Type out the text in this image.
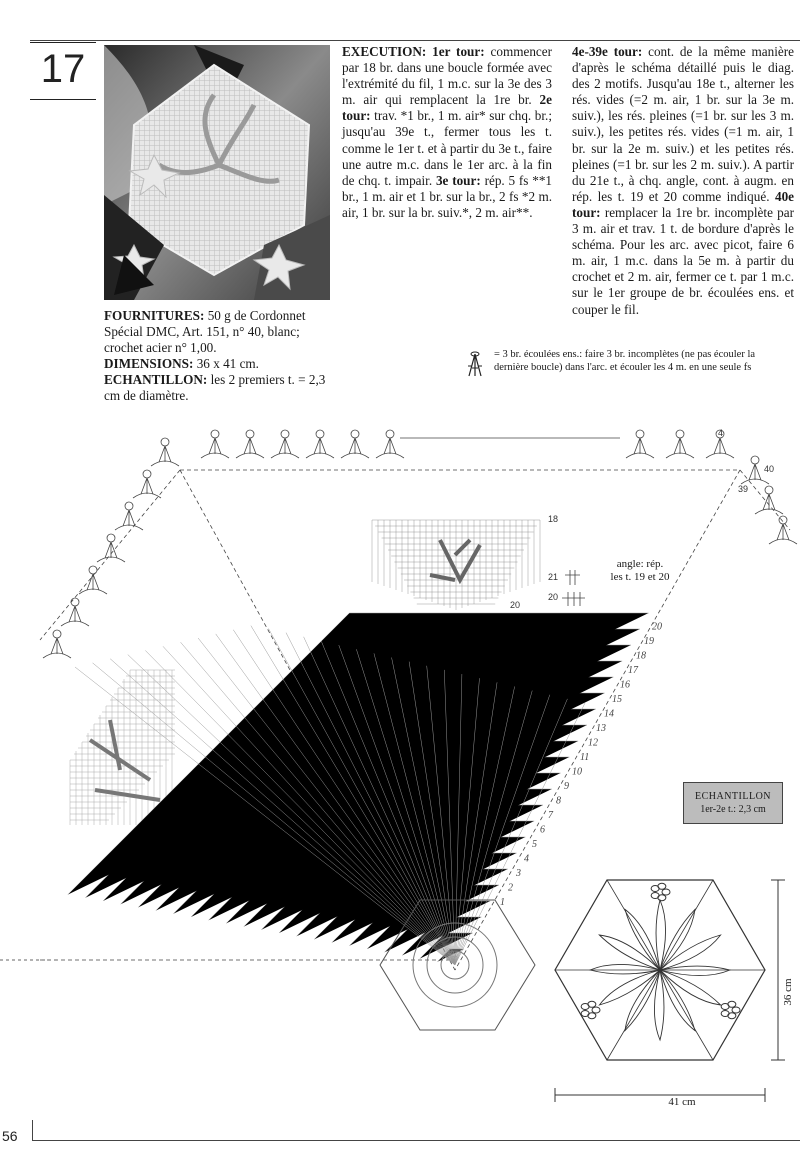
17
FOURNITURES: 50 g de Cordonnet Spécial DMC, Art. 151, n° 40, blanc; crochet acier n° 1,00.
DIMENSIONS: 36 x 41 cm.
ECHANTILLON: les 2 premiers t. = 2,3 cm de diamètre.
EXECUTION: 1er tour: commencer par 18 br. dans une boucle formée avec l'extrémité du fil, 1 m.c. sur la 3e des 3 m. air qui remplacent la 1re br. 2e tour: trav. *1 br., 1 m. air* sur chq. br.; jusqu'au 39e t., fermer tous les t. comme le 1er t. et à partir du 3e t., faire une autre m.c. dans le 1er arc. à la fin de chq. t. impair. 3e tour: rép. 5 fs **1 br., 1 m. air et 1 br. sur la br., 2 fs *2 m. air, 1 br. sur la br. suiv.*, 2 m. air**.
4e-39e tour: cont. de la même manière d'après le schéma détaillé puis le diag. des 2 motifs. Jusqu'au 18e t., alterner les rés. vides (=2 m. air, 1 br. sur la 3e m. suiv.), les rés. pleines (=1 br. sur les 3 m. suiv.), les petites rés. vides (=1 m. air, 1 br. sur la 2e m. suiv.) et les petites rés. pleines (=1 br. sur les 2 m. suiv.). A partir du 21e t., à chq. angle, cont. à augm. en rép. les t. 19 et 20 comme indiqué. 40e tour: remplacer la 1re br. incomplète par 3 m. air et trav. 1 t. de bordure d'après le schéma. Pour les arc. avec picot, faire 6 m. air, 1 m.c. dans la 5e m. à partir du crochet et 2 m. air, fermer ce t. par 1 m.c. sur le 1er groupe de br. écoulées ens. et couper le fil.
= 3 br. écoulées ens.: faire 3 br. incomplètes (ne pas écouler la dernière boucle) dans l'arc. et écouler les 4 m. en une seule fs
1
2
3
4
5
6
7
8
9
10
11
12
13
14
15
16
17
18
19
20
4
39
40
18
20
21
20
angle: rép. les t. 19 et 20
ECHANTILLON
1er-2e t.: 2,3 cm
41 cm
36 cm
56
